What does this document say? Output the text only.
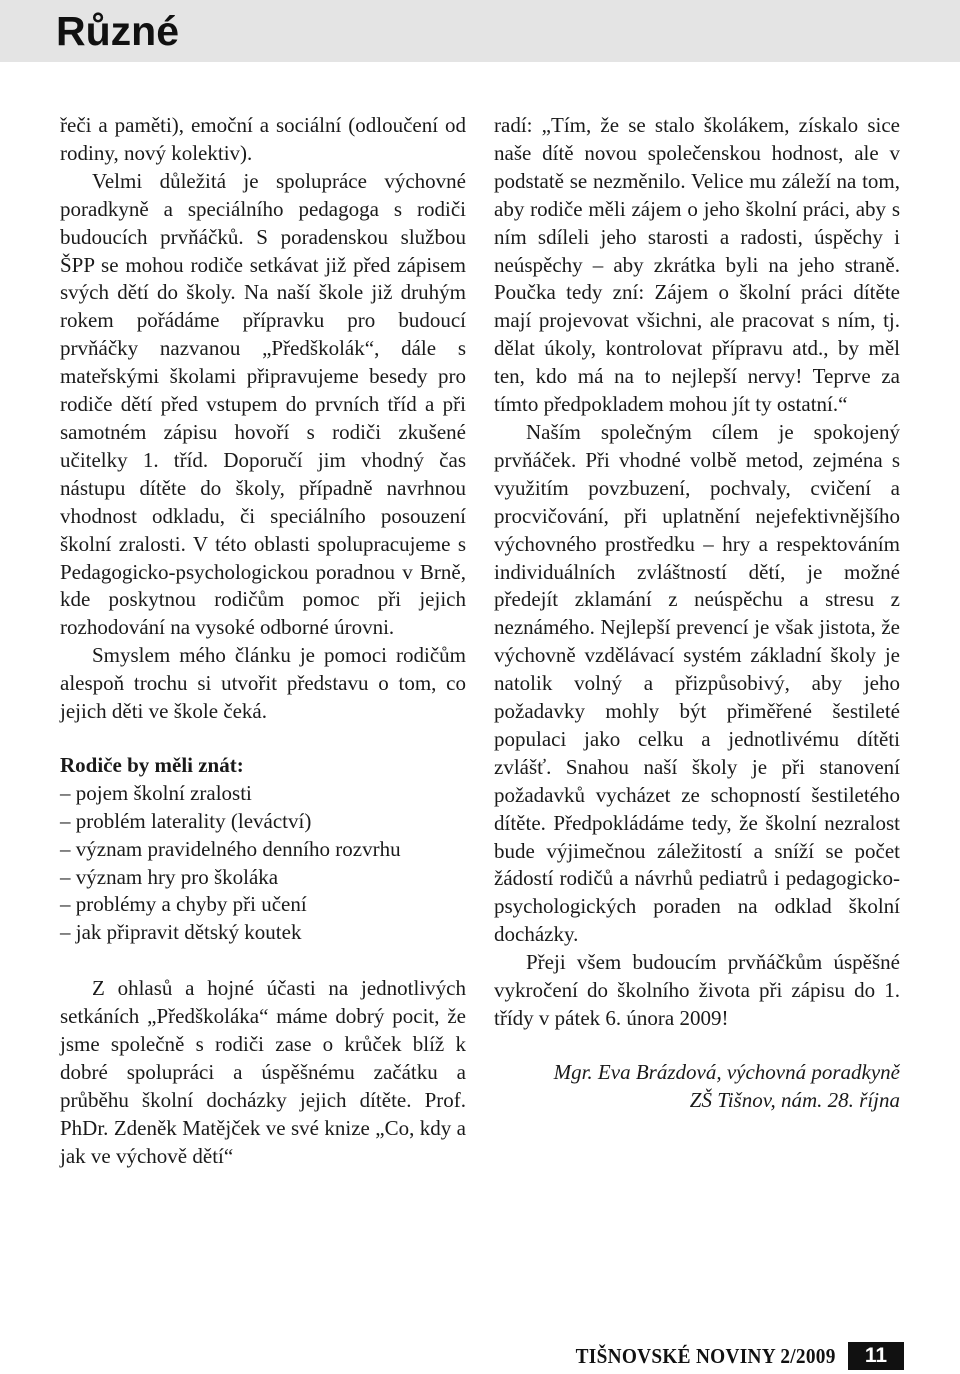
Různé

řeči a paměti), emoční a sociální (odloučení od rodiny, nový kolektiv).

Velmi důležitá je spolupráce výchovné poradkyně a speciálního pedagoga s rodiči budoucích prvňáčků. S poradenskou službou ŠPP se mohou rodiče setkávat již před zápisem svých dětí do školy. Na naší škole již druhým rokem pořádáme přípravku pro budoucí prvňáčky nazvanou „Předškolák“, dále s mateřskými školami připravujeme besedy pro rodiče dětí před vstupem do prvních tříd a při samotném zápisu hovoří s rodiči zkušené učitelky 1. tříd. Doporučí jim vhodný čas nástupu dítěte do školy, případně navrhnou vhodnost odkladu, či speciálního posouzení školní zralosti. V této oblasti spolupracujeme s Pedagogicko-psychologickou poradnou v Brně, kde poskytnou rodičům pomoc při jejich rozhodování na vysoké odborné úrovni.

Smyslem mého článku je pomoci rodičům alespoň trochu si utvořit představu o tom, co jejich děti ve škole čeká.

Rodiče by měli znát:

– pojem školní zralosti
– problém laterality (leváctví)
– význam pravidelného denního rozvrhu
– význam hry pro školáka
– problémy a chyby při učení
– jak připravit dětský koutek

Z ohlasů a hojné účasti na jednotlivých setkáních „Předškoláka“ máme dobrý pocit, že jsme společně s rodiči zase o krůček blíž k dobré spolupráci a úspěšnému začátku a průběhu školní docházky jejich dítěte. Prof. PhDr. Zdeněk Matějček ve své knize „Co, kdy a jak ve výchově dětí“

radí: „Tím, že se stalo školákem, získalo sice naše dítě novou společenskou hodnost, ale v podstatě se nezměnilo. Velice mu záleží na tom, aby rodiče měli zájem o jeho školní práci, aby s ním sdíleli jeho starosti a radosti, úspěchy i neúspěchy – aby zkrátka byli na jeho straně. Poučka tedy zní: Zájem o školní práci dítěte mají projevovat všichni, ale pracovat s ním, tj. dělat úkoly, kontrolovat přípravu atd., by měl ten, kdo má na to nejlepší nervy! Teprve za tímto předpokladem mohou jít ty ostatní.“

Naším společným cílem je spokojený prvňáček. Při vhodné volbě metod, zejména s využitím povzbuzení, pochvaly, cvičení a procvičování, při uplatnění nejefektivnějšího výchovného prostředku – hry a respektováním individuálních zvláštností dětí, je možné předejít zklamání z neúspěchu a stresu z neznámého. Nejlepší prevencí je však jistota, že výchovně vzdělávací systém základní školy je natolik volný a přizpůsobivý, aby jeho požadavky mohly být přiměřené šestileté populaci jako celku a jednotlivému dítěti zvlášť. Snahou naší školy je při stanovení požadavků vycházet ze schopností šestiletého dítěte. Předpokládáme tedy, že školní nezralost bude výjimečnou záležitostí a sníží se počet žádostí rodičů a návrhů pediatrů i pedagogicko-psychologických poraden na odklad školní docházky.

Přeji všem budoucím prvňáčkům úspěšné vykročení do školního života při zápisu do 1. třídy v pátek 6. února 2009!

Mgr. Eva Brázdová, výchovná poradkyně
ZŠ Tišnov, nám. 28. října

TIŠNOVSKÉ NOVINY 2/2009	11
